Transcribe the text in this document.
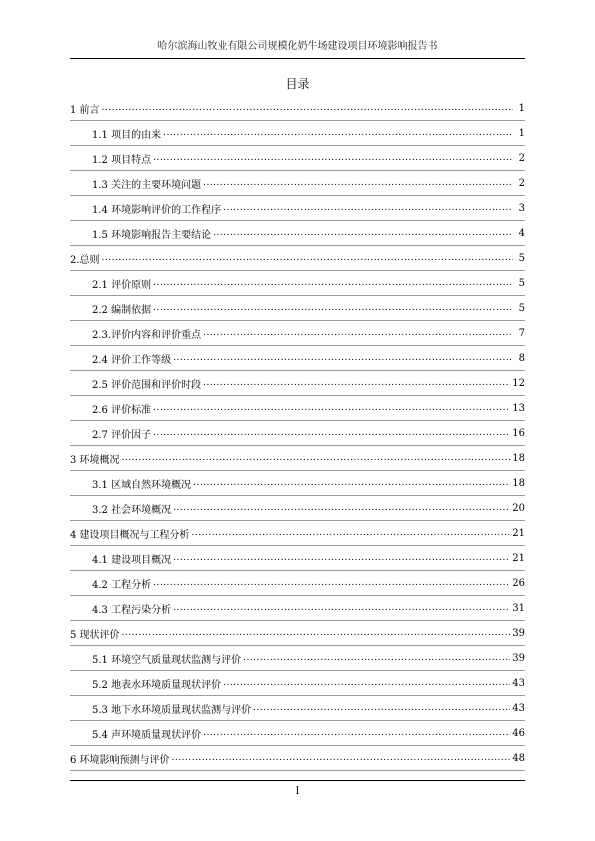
哈尔滨海山牧业有限公司规模化奶牛场建设项目环境影响报告书
目录
1 前言 .....	1
1.1 项目的由来 .....	1
1.2 项目特点 .....	2
1.3 关注的主要环境问题 .....	2
1.4 环境影响评价的工作程序 .....	3
1.5 环境影响报告主要结论 .....	4
2.总则 .....	5
2.1 评价原则 .....	5
2.2 编制依据 .....	5
2.3.评价内容和评价重点 .....	7
2.4 评价工作等级 .....	8
2.5 评价范围和评价时段 .....	12
2.6 评价标准 .....	13
2.7 评价因子 .....	16
3 环境概况 .....	18
3.1 区域自然环境概况 .....	18
3.2 社会环境概况 .....	20
4 建设项目概况与工程分析 .....	21
4.1 建设项目概况 .....	21
4.2 工程分析 .....	26
4.3 工程污染分析 .....	31
5 现状评价 .....	39
5.1 环境空气质量现状监测与评价 .....	39
5.2 地表水环境质量现状评价 .....	43
5.3 地下水环境质量现状监测与评价 .....	43
5.4 声环境质量现状评价 .....	46
6 环境影响预测与评价 .....	48
I
